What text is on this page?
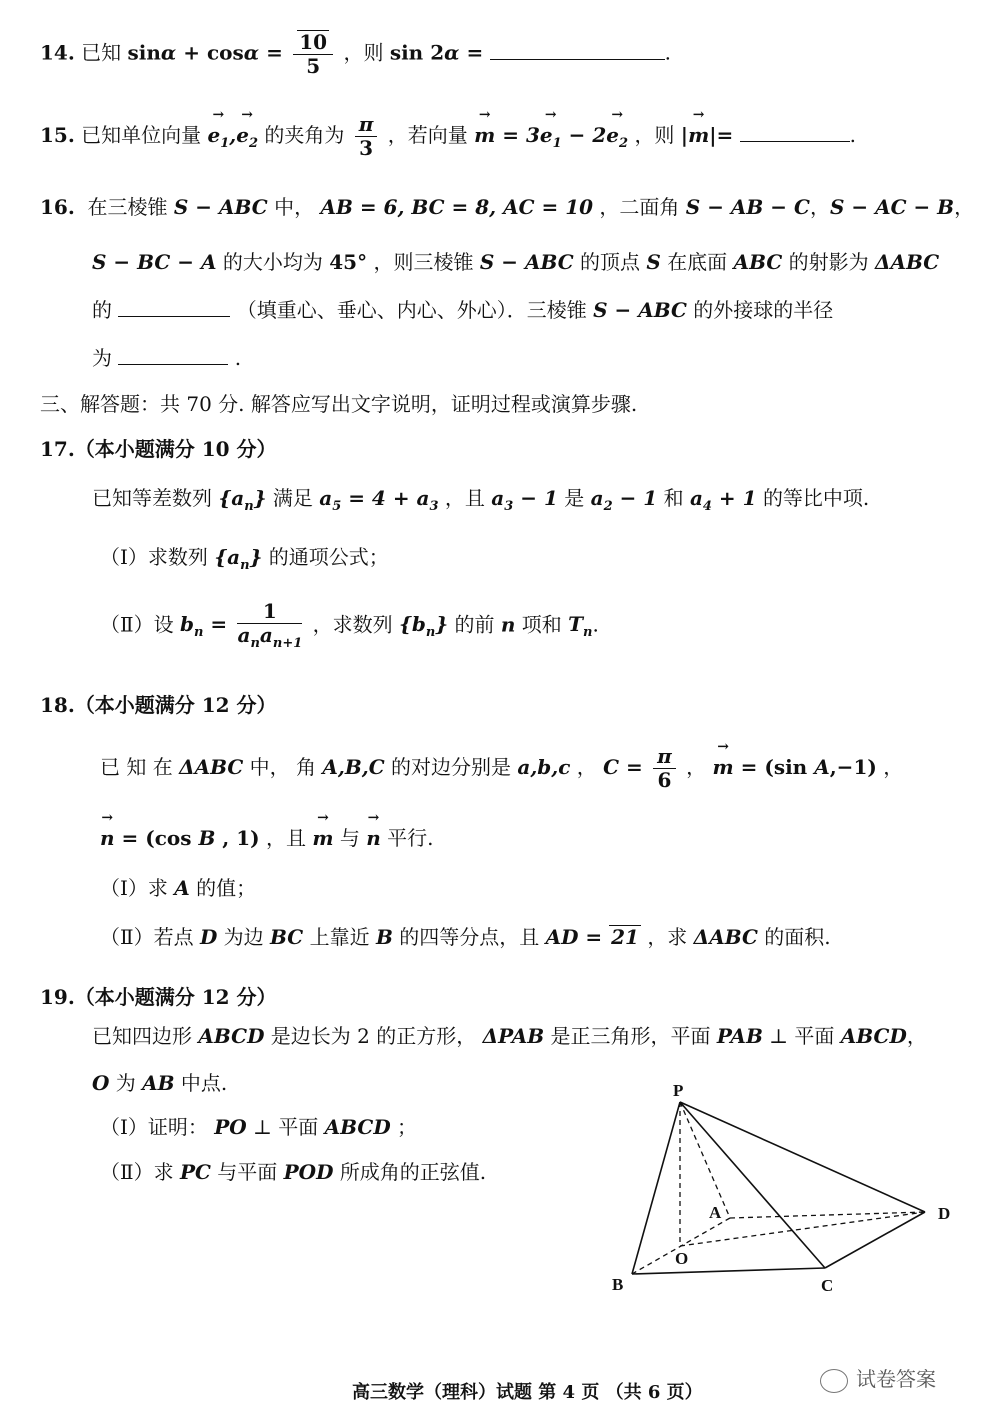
14. 已知 $\sin\alpha + \cos\alpha = \frac{10}{5}$ ，则 sin 2α =	.
15. 已知单位向量 → $e_1,\to e_2$ 的夹角为 $\frac{\pi}{3}$ ，若向量 → $m = 3\to e_1 - 2\to e_2$ ，则 |→ m|=	.
16. 在三棱锥 S − ABC 中， AB = 6, BC = 8, AC = 10 ，二面角 S − AB − C，S − AC − B，
S − BC − A 的大小均为 45° ，则三棱锥 S − ABC 的顶点 S 在底面 ABC 的射影为 ΔABC
的	（填重心、垂心、内心、外心）．三棱锥 S − ABC 的外接球的半径
为	.
三、解答题：共 70 分. 解答应写出文字说明，证明过程或演算步骤.
17.（本小题满分 10 分）
已知等差数列 $\{a_n\}$ 满足 $a_5 = 4 + a_3$ ，且 $a_3 - 1$ 是 $a_2 - 1$ 和 $a_4 + 1$ 的等比中项.
（Ⅰ）求数列 $\{a_n\}$ 的通项公式；
（Ⅱ）设 $b_n = \frac{1}{a_na_{n+1}}$ ，求数列 $\{b_n\}$ 的前 n 项和 $T_n$.
18.（本小题满分 12 分）
已 知 在 ΔABC 中， 角 A,B,C 的对边分别是 a,b,c ， $C = \frac{\pi}{6}$ ， → m = (sin A,−1) ，
→ n = (cos B , 1) ，且 → m 与 → n 平行.
（Ⅰ）求 A 的值；
（Ⅱ）若点 D 为边 BC 上靠近 B 的四等分点，且 AD = 21 ，求 ΔABC 的面积.
19.（本小题满分 12 分）
已知四边形 ABCD 是边长为 2 的正方形， ΔPAB 是正三角形，平面 PAB ⊥ 平面 ABCD，
O 为 AB 中点.
（Ⅰ）证明： PO ⊥ 平面 ABCD ；
（Ⅱ）求 PC 与平面 POD 所成角的正弦值.
P
A	D
O
B	C
高三数学（理科）试题 第 4 页 （共 6 页）
试卷答案
